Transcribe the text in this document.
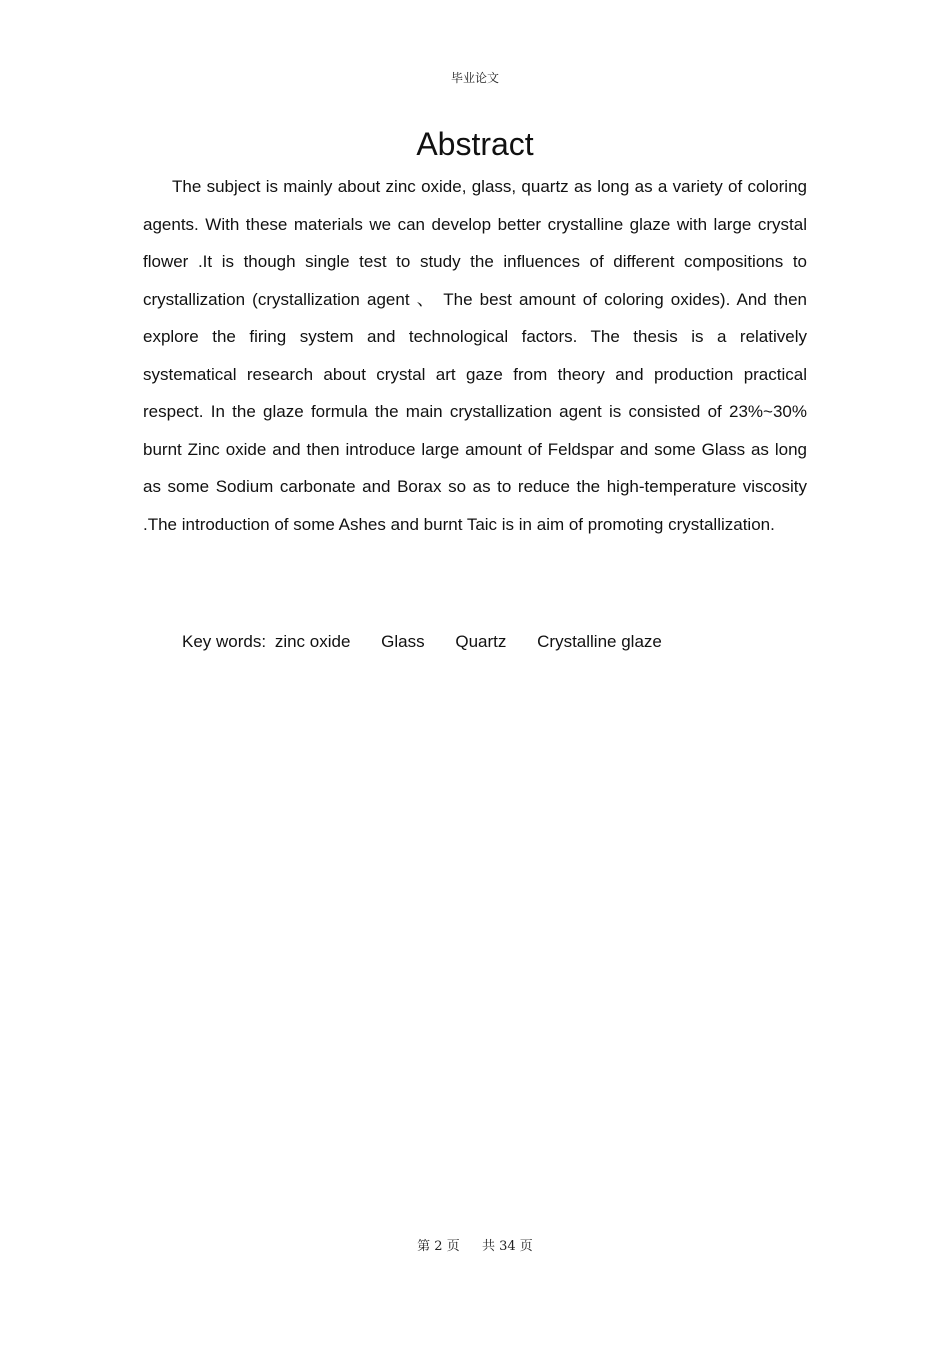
毕业论文
Abstract

The subject is mainly about zinc oxide, glass, quartz as long as a variety of coloring agents. With these materials we can develop better crystalline glaze with large crystal flower .It is though single test to study the influences of different compositions to crystallization (crystallization agent 、 The best amount of coloring oxides). And then explore the firing system and technological factors. The thesis is a relatively systematical research about crystal art gaze from theory and production practical respect. In the glaze formula the main crystallization agent is consisted of 23%~30% burnt Zinc oxide and then introduce large amount of Feldspar and some Glass as long as some Sodium carbonate and Borax so as to reduce the high-temperature viscosity .The introduction of some Ashes and burnt Taic is in aim of promoting crystallization.

Key words: zinc oxide Glass Quartz Crystalline glaze
第 2 页 共 34 页
